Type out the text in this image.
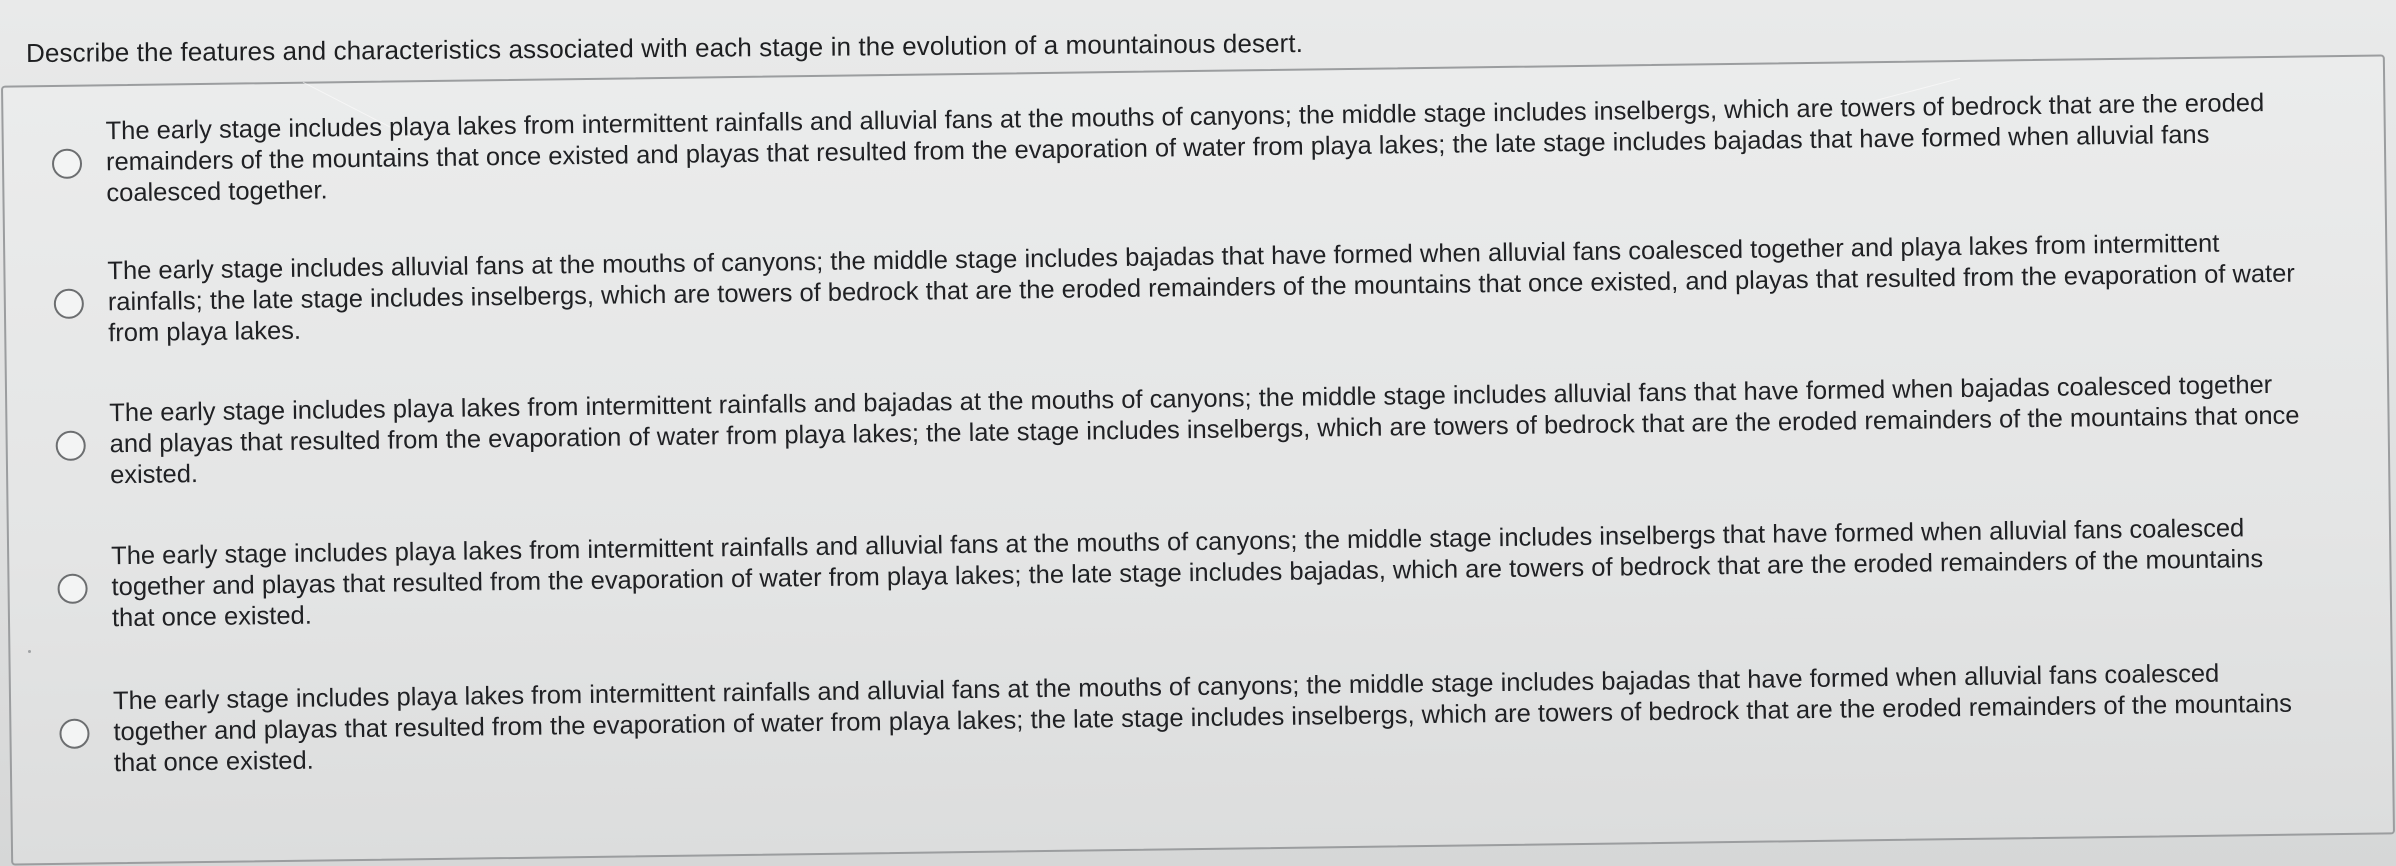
Describe the features and characteristics associated with each stage in the evolution of a mountainous desert.
The early stage includes playa lakes from intermittent rainfalls and alluvial fans at the mouths of canyons; the middle stage includes inselbergs, which are towers of bedrock that are the eroded remainders of the mountains that once existed and playas that resulted from the evaporation of water from playa lakes; the late stage includes bajadas that have formed when alluvial fans coalesced together.
The early stage includes alluvial fans at the mouths of canyons; the middle stage includes bajadas that have formed when alluvial fans coalesced together and playa lakes from intermittent rainfalls; the late stage includes inselbergs, which are towers of bedrock that are the eroded remainders of the mountains that once existed, and playas that resulted from the evaporation of water from playa lakes.
The early stage includes playa lakes from intermittent rainfalls and bajadas at the mouths of canyons; the middle stage includes alluvial fans that have formed when bajadas coalesced together and playas that resulted from the evaporation of water from playa lakes; the late stage includes inselbergs, which are towers of bedrock that are the eroded remainders of the mountains that once existed.
The early stage includes playa lakes from intermittent rainfalls and alluvial fans at the mouths of canyons; the middle stage includes inselbergs that have formed when alluvial fans coalesced together and playas that resulted from the evaporation of water from playa lakes; the late stage includes bajadas, which are towers of bedrock that are the eroded remainders of the mountains that once existed.
The early stage includes playa lakes from intermittent rainfalls and alluvial fans at the mouths of canyons; the middle stage includes bajadas that have formed when alluvial fans coalesced together and playas that resulted from the evaporation of water from playa lakes; the late stage includes inselbergs, which are towers of bedrock that are the eroded remainders of the mountains that once existed.
